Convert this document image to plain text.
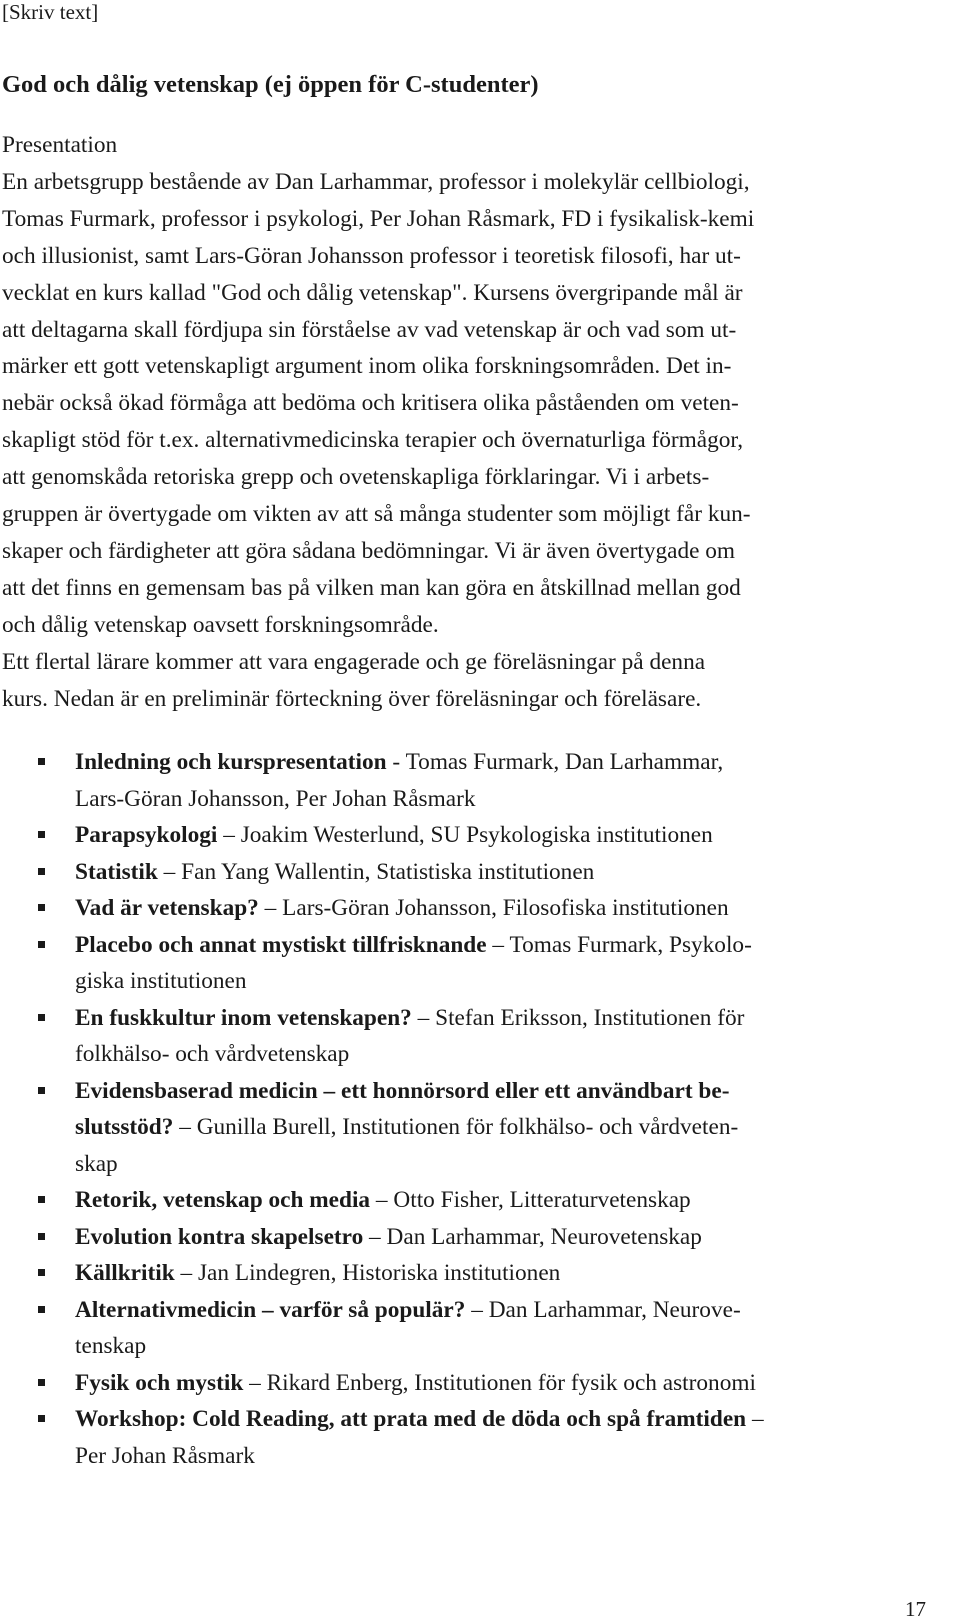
[Skriv text]
God och dålig vetenskap (ej öppen för C-studenter)
Presentation
En arbetsgrupp bestående av Dan Larhammar, professor i molekylär cellbiologi,
Tomas Furmark, professor i psykologi, Per Johan Råsmark, FD i fysikalisk-kemi
och illusionist, samt Lars-Göran Johansson professor i teoretisk filosofi, har ut-
vecklat en kurs kallad "God och dålig vetenskap". Kursens övergripande mål är
att deltagarna skall fördjupa sin förståelse av vad vetenskap är och vad som ut-
märker ett gott vetenskapligt argument inom olika forskningsområden. Det in-
nebär också ökad förmåga att bedöma och kritisera olika påståenden om veten-
skapligt stöd för t.ex. alternativmedicinska terapier och övernaturliga förmågor,
att genomskåda retoriska grepp och ovetenskapliga förklaringar. Vi i arbets-
gruppen är övertygade om vikten av att så många studenter som möjligt får kun-
skaper och färdigheter att göra sådana bedömningar. Vi är även övertygade om
att det finns en gemensam bas på vilken man kan göra en åtskillnad mellan god
och dålig vetenskap oavsett forskningsområde.
Ett flertal lärare kommer att vara engagerade och ge föreläsningar på denna
kurs. Nedan är en preliminär förteckning över föreläsningar och föreläsare.
Inledning och kurspresentation - Tomas Furmark, Dan Larhammar,
Lars-Göran Johansson, Per Johan Råsmark
Parapsykologi – Joakim Westerlund, SU Psykologiska institutionen
Statistik – Fan Yang Wallentin, Statistiska institutionen
Vad är vetenskap? – Lars-Göran Johansson, Filosofiska institutionen
Placebo och annat mystiskt tillfrisknande – Tomas Furmark, Psykolo-
giska institutionen
En fuskkultur inom vetenskapen? – Stefan Eriksson, Institutionen för
folkhälso- och vårdvetenskap
Evidensbaserad medicin – ett honnörsord eller ett användbart be-
slutsstöd? – Gunilla Burell, Institutionen för folkhälso- och vårdveten-
skap
Retorik, vetenskap och media – Otto Fisher, Litteraturvetenskap
Evolution kontra skapelsetro – Dan Larhammar, Neurovetenskap
Källkritik – Jan Lindegren, Historiska institutionen
Alternativmedicin – varför så populär? – Dan Larhammar, Neurove-
tenskap
Fysik och mystik – Rikard Enberg, Institutionen för fysik och astronomi
Workshop: Cold Reading, att prata med de döda och spå framtiden –
Per Johan Råsmark
17
